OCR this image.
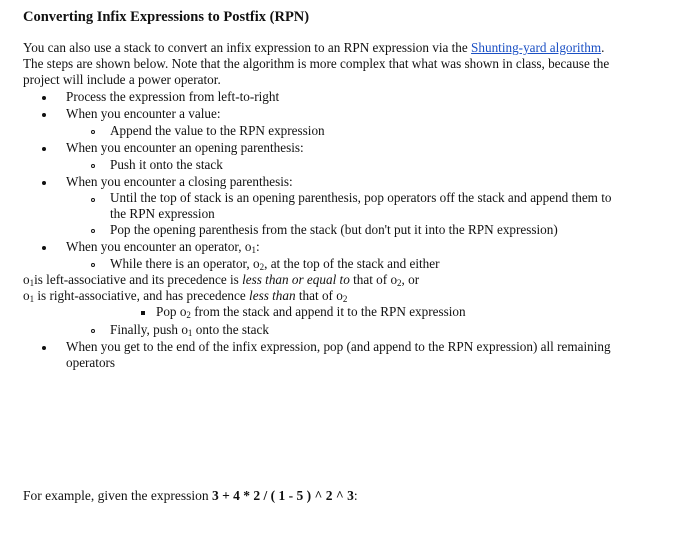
Converting Infix Expressions to Postfix (RPN)
You can also use a stack to convert an infix expression to an RPN expression via the Shunting-yard algorithm.
The steps are shown below. Note that the algorithm is more complex that what was shown in class, because the
project will include a power operator.
Process the expression from left-to-right
When you encounter a value:
Append the value to the RPN expression
When you encounter an opening parenthesis:
Push it onto the stack
When you encounter a closing parenthesis:
Until the top of stack is an opening parenthesis, pop operators off the stack and append them to
the RPN expression
Pop the opening parenthesis from the stack (but don't put it into the RPN expression)
When you encounter an operator, $o_1$:
While there is an operator, $o_2$, at the top of the stack and either
$o_1is$ left-associative and its precedence is less than or equal to that of $o_2$, or
$o_1$ is right-associative, and has precedence less than that of $o_2$
Pop $o_2$ from the stack and append it to the RPN expression
Finally, push $o_1$ onto the stack
When you get to the end of the infix expression, pop (and append to the RPN expression) all remaining
operators
For example, given the expression 3 + 4 * 2 / ( 1 - 5 ) ^ 2 ^ 3:
